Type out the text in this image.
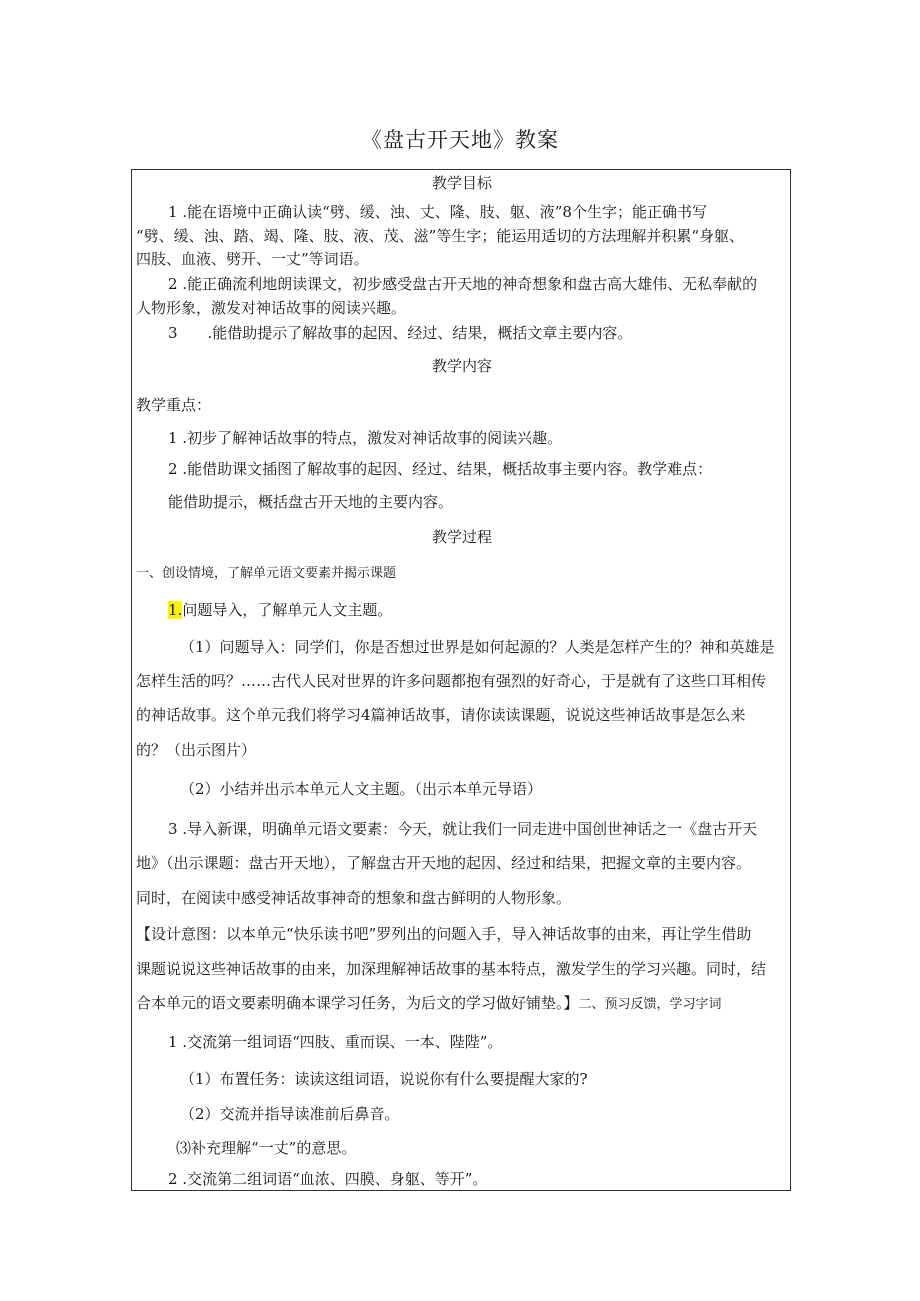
《盘古开天地》教案
教学目标
1 .能在语境中正确认读“劈、缓、浊、丈、隆、肢、躯、液”8个生字；能正确书写
“劈、缓、浊、踏、竭、隆、肢、液、茂、滋”等生字；能运用适切的方法理解并积累“身躯、
四肢、血液、劈开、一丈”等词语。
2 .能正确流利地朗读课文，初步感受盘古开天地的神奇想象和盘古高大雄伟、无私奉献的
人物形象，激发对神话故事的阅读兴趣。
3　　.能借助提示了解故事的起因、经过、结果，概括文章主要内容。
教学内容
教学重点：
1 .初步了解神话故事的特点，激发对神话故事的阅读兴趣。
2 .能借助课文插图了解故事的起因、经过、结果，概括故事主要内容。教学难点：
能借助提示，概括盘古开天地的主要内容。
教学过程
一、创设情境，了解单元语文要素并揭示课题
1.问题导入，了解单元人文主题。
（1）问题导入：同学们，你是否想过世界是如何起源的？人类是怎样产生的？神和英雄是
怎样生活的吗？……古代人民对世界的许多问题都抱有强烈的好奇心，于是就有了这些口耳相传
的神话故事。这个单元我们将学习4篇神话故事，请你读读课题，说说这些神话故事是怎么来
的？（出示图片）
（2）小结并出示本单元人文主题。（出示本单元导语）
3 .导入新课，明确单元语文要素：今天，就让我们一同走进中国创世神话之一《盘古开天
地》（出示课题：盘古开天地），了解盘古开天地的起因、经过和结果，把握文章的主要内容。
同时，在阅读中感受神话故事神奇的想象和盘古鲜明的人物形象。
【设计意图：以本单元“快乐读书吧”罗列出的问题入手，导入神话故事的由来，再让学生借助
课题说说这些神话故事的由来，加深理解神话故事的基本特点，激发学生的学习兴趣。同时，结
合本单元的语文要素明确本课学习任务，为后文的学习做好铺垫。】二、预习反馈，学习字词
1 .交流第一组词语“四肢、重而误、一本、陛陛”。
（1）布置任务：读读这组词语，说说你有什么要提醒大家的?
（2）交流并指导读准前后鼻音。
⑶补充理解“一丈”的意思。
2 .交流第二组词语“血浓、四膜、身躯、等开”。
